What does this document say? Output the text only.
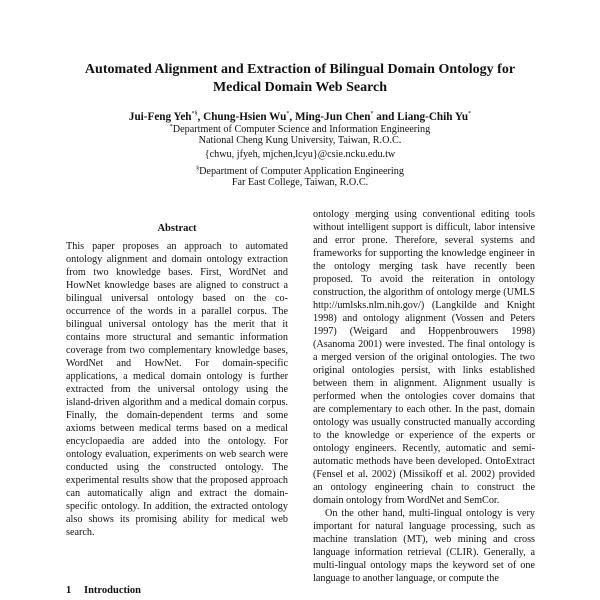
Automated Alignment and Extraction of Bilingual Domain Ontology for Medical Domain Web Search
Jui-Feng Yeh*§, Chung-Hsien Wu*, Ming-Jun Chen* and Liang-Chih Yu*
*Department of Computer Science and Information Engineering
National Cheng Kung University, Taiwan, R.O.C.
{chwu, jfyeh, mjchen,lcyu}@csie.ncku.edu.tw
§Department of Computer Application Engineering
Far East College, Taiwan, R.O.C.
Abstract

This paper proposes an approach to automated ontology alignment and domain ontology extraction from two knowledge bases. First, WordNet and HowNet knowledge bases are aligned to construct a bilingual universal ontology based on the co-occurrence of the words in a parallel corpus. The bilingual universal ontology has the merit that it contains more structural and semantic information coverage from two complementary knowledge bases, WordNet and HowNet. For domain-specific applications, a medical domain ontology is further extracted from the universal ontology using the island-driven algorithm and a medical domain corpus. Finally, the domain-dependent terms and some axioms between medical terms based on a medical encyclopaedia are added into the ontology. For ontology evaluation, experiments on web search were conducted using the constructed ontology. The experimental results show that the proposed approach can automatically align and extract the domain-specific ontology. In addition, the extracted ontology also shows its promising ability for medical web search.

1 Introduction

ontology merging using conventional editing tools without intelligent support is difficult, labor intensive and error prone. Therefore, several systems and frameworks for supporting the knowledge engineer in the ontology merging task have recently been proposed. To avoid the reiteration in ontology construction, the algorithm of ontology merge (UMLS http://umlsks.nlm.nih.gov/) (Langkilde and Knight 1998) and ontology alignment (Vossen and Peters 1997) (Weigard and Hoppenbrouwers 1998) (Asanoma 2001) were invested. The final ontology is a merged version of the original ontologies. The two original ontologies persist, with links established between them in alignment. Alignment usually is performed when the ontologies cover domains that are complementary to each other. In the past, domain ontology was usually constructed manually according to the knowledge or experience of the experts or ontology engineers. Recently, automatic and semi-automatic methods have been developed. OntoExtract (Fensel et al. 2002) (Missikoff et al. 2002) provided an ontology engineering chain to construct the domain ontology from WordNet and SemCor.

On the other hand, multi-lingual ontology is very important for natural language processing, such as machine translation (MT), web mining and cross language information retrieval (CLIR). Generally, a multi-lingual ontology maps the keyword set of one language to another language, or compute the
